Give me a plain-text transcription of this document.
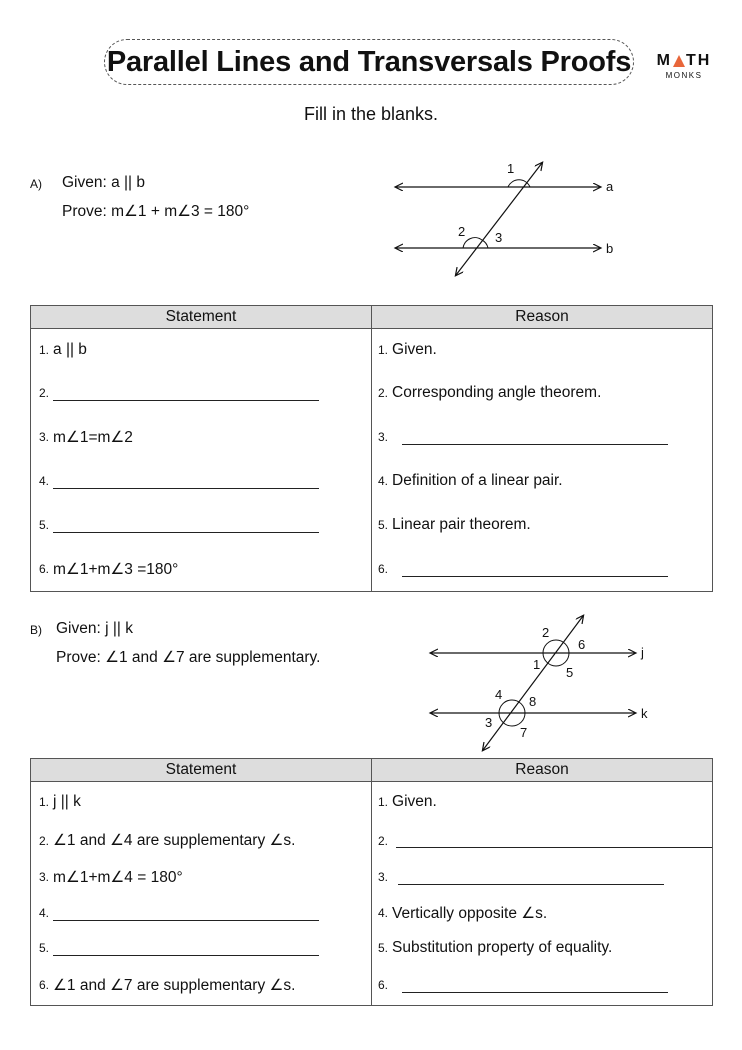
Parallel Lines and Transversals Proofs M TH
MONKS
Fill in the blanks.
A) Given: a || b
Prove: m∠1 + m∠3 = 180°
a
b
1
2 3
Statement	Reason

1. a || b	1. Given.

2.	2. Corresponding angle theorem.

3. m∠1=m∠2	3.

4.	4. Definition of a linear pair.

5.	5. Linear pair theorem.

6. m∠1+m∠3 =180°	6.
B) Given: j || k
Prove: ∠1 and ∠7 are supplementary.	j
k
1
2
3
4
5
6
7
8
Statement	Reason

1. j || k	1. Given.

2. ∠1 and ∠4 are supplementary ∠s.	2.

3. m∠1+m∠4 = 180°	3.

4.	4. Vertically opposite ∠s.

5.	5. Substitution property of equality.

6. ∠1 and ∠7 are supplementary ∠s.	6.
